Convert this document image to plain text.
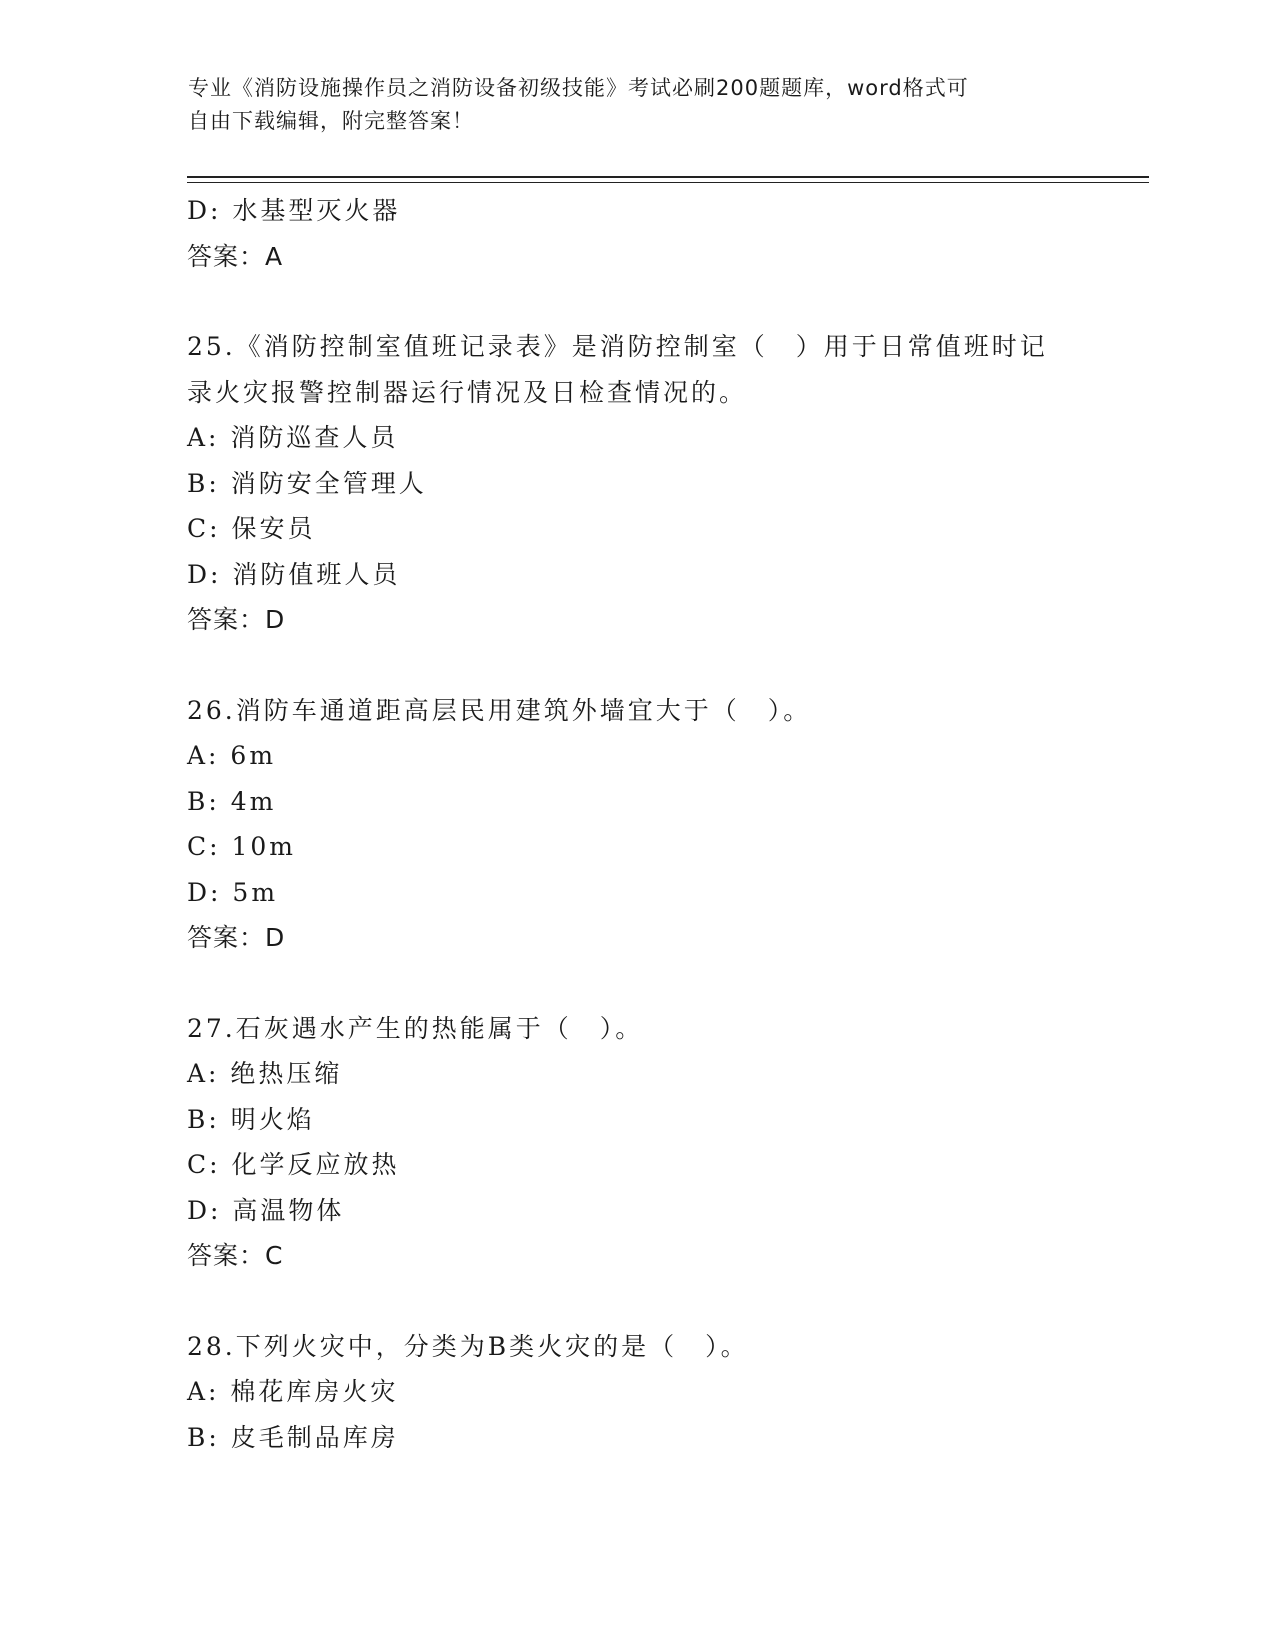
专业《消防设施操作员之消防设备初级技能》考试必刷200题题库，word格式可
自由下载编辑，附完整答案！
D: 水基型灭火器
答案：A
25.《消防控制室值班记录表》是消防控制室（　）用于日常值班时记
录火灾报警控制器运行情况及日检查情况的。
A: 消防巡查人员
B: 消防安全管理人
C: 保安员
D: 消防值班人员
答案：D
26.消防车通道距高层民用建筑外墙宜大于（　）。
A: 6m
B: 4m
C: 10m
D: 5m
答案：D
27.石灰遇水产生的热能属于（　）。
A: 绝热压缩
B: 明火焰
C: 化学反应放热
D: 高温物体
答案：C
28.下列火灾中，分类为B类火灾的是（　）。
A: 棉花库房火灾
B: 皮毛制品库房
